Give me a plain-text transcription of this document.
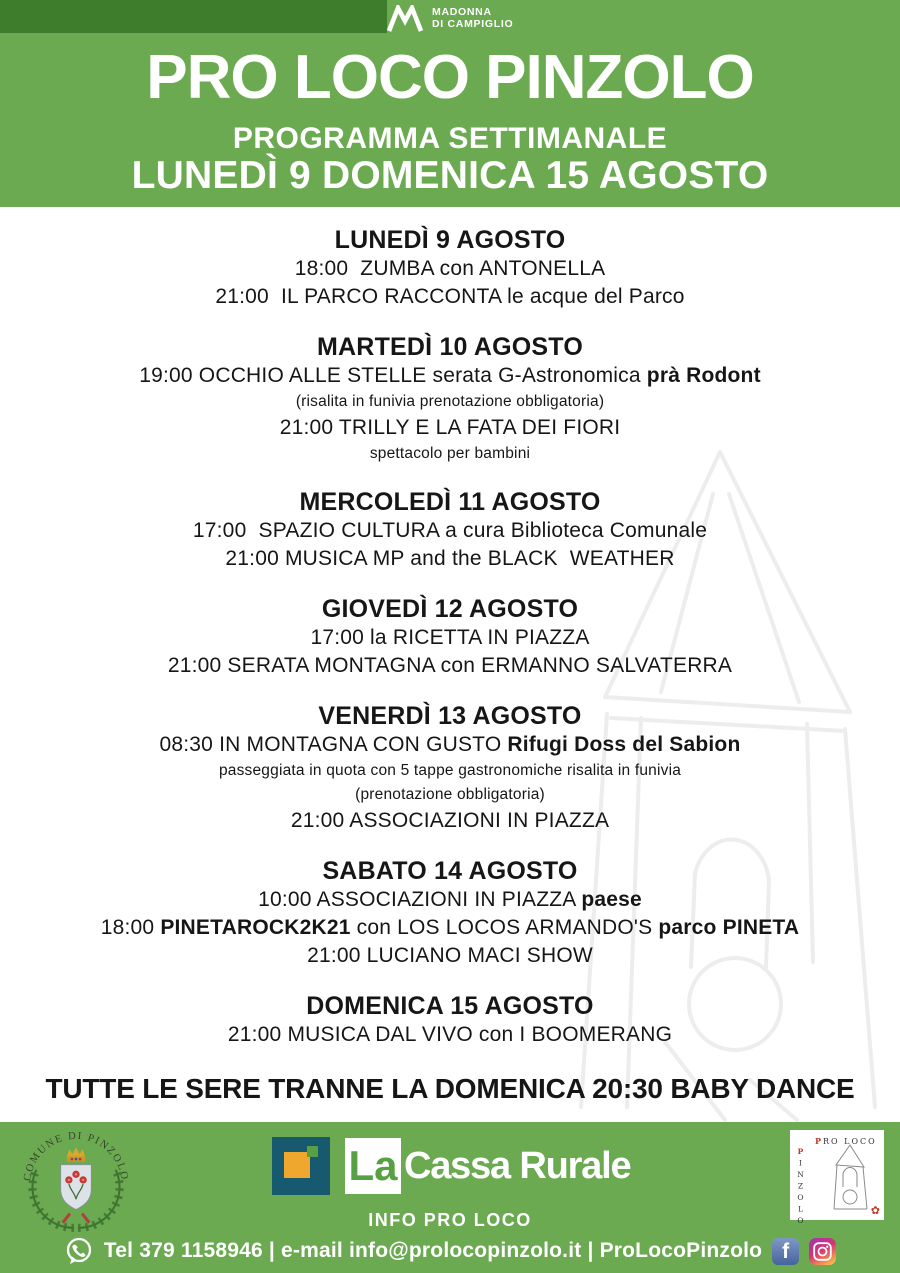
MADONNA
DI CAMPIGLIO
PRO LOCO PINZOLO
PROGRAMMA SETTIMANALE
LUNEDÌ 9 DOMENICA 15 AGOSTO
LUNEDÌ 9 AGOSTO

18:00  ZUMBA con ANTONELLA

21:00  IL PARCO RACCONTA le acque del Parco

MARTEDÌ 10 AGOSTO

19:00 OCCHIO ALLE STELLE serata G-Astronomica prà Rodont

(risalita in funivia prenotazione obbligatoria)

21:00 TRILLY E LA FATA DEI FIORI

spettacolo per bambini

MERCOLEDÌ 11 AGOSTO

17:00  SPAZIO CULTURA a cura Biblioteca Comunale

21:00 MUSICA MP and the BLACK  WEATHER

GIOVEDÌ 12 AGOSTO

17:00 la RICETTA IN PIAZZA

21:00 SERATA MONTAGNA con ERMANNO SALVATERRA

VENERDÌ 13 AGOSTO

08:30 IN MONTAGNA CON GUSTO Rifugi Doss del Sabion

passeggiata in quota con 5 tappe gastronomiche risalita in funivia

(prenotazione obbligatoria)

21:00 ASSOCIAZIONI IN PIAZZA

SABATO 14 AGOSTO

10:00 ASSOCIAZIONI IN PIAZZA paese

18:00 PINETAROCK2K21 con LOS LOCOS ARMANDO'S parco PINETA

21:00 LUCIANO MACI SHOW

DOMENICA 15 AGOSTO

21:00 MUSICA DAL VIVO con I BOOMERANG

TUTTE LE SERE TRANNE LA DOMENICA 20:30 BABY DANCE
COMUNE DI PINZOLO	La Cassa Rurale
PRO LOCO
PINZOLO	✿
INFO PRO LOCO
Tel 379 1158946 | e-mail info@prolocopinzolo.it | ProLocoPinzolo f
